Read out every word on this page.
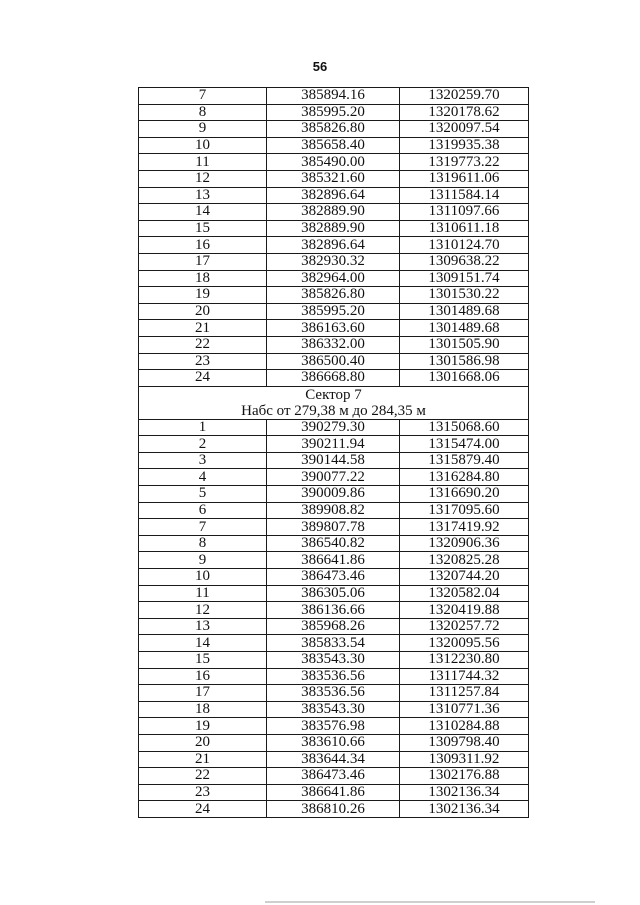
56
7	385894.16	1320259.70
8	385995.20	1320178.62
9	385826.80	1320097.54
10	385658.40	1319935.38
11	385490.00	1319773.22
12	385321.60	1319611.06
13	382896.64	1311584.14
14	382889.90	1311097.66
15	382889.90	1310611.18
16	382896.64	1310124.70
17	382930.32	1309638.22
18	382964.00	1309151.74
19	385826.80	1301530.22
20	385995.20	1301489.68
21	386163.60	1301489.68
22	386332.00	1301505.90
23	386500.40	1301586.98
24	386668.80	1301668.06

Сектор 7
Набс от 279,38 м до 284,35 м		

1	390279.30	1315068.60
2	390211.94	1315474.00
3	390144.58	1315879.40
4	390077.22	1316284.80
5	390009.86	1316690.20
6	389908.82	1317095.60
7	389807.78	1317419.92
8	386540.82	1320906.36
9	386641.86	1320825.28
10	386473.46	1320744.20
11	386305.06	1320582.04
12	386136.66	1320419.88
13	385968.26	1320257.72
14	385833.54	1320095.56
15	383543.30	1312230.80
16	383536.56	1311744.32
17	383536.56	1311257.84
18	383543.30	1310771.36
19	383576.98	1310284.88
20	383610.66	1309798.40
21	383644.34	1309311.92
22	386473.46	1302176.88
23	386641.86	1302136.34
24	386810.26	1302136.34
